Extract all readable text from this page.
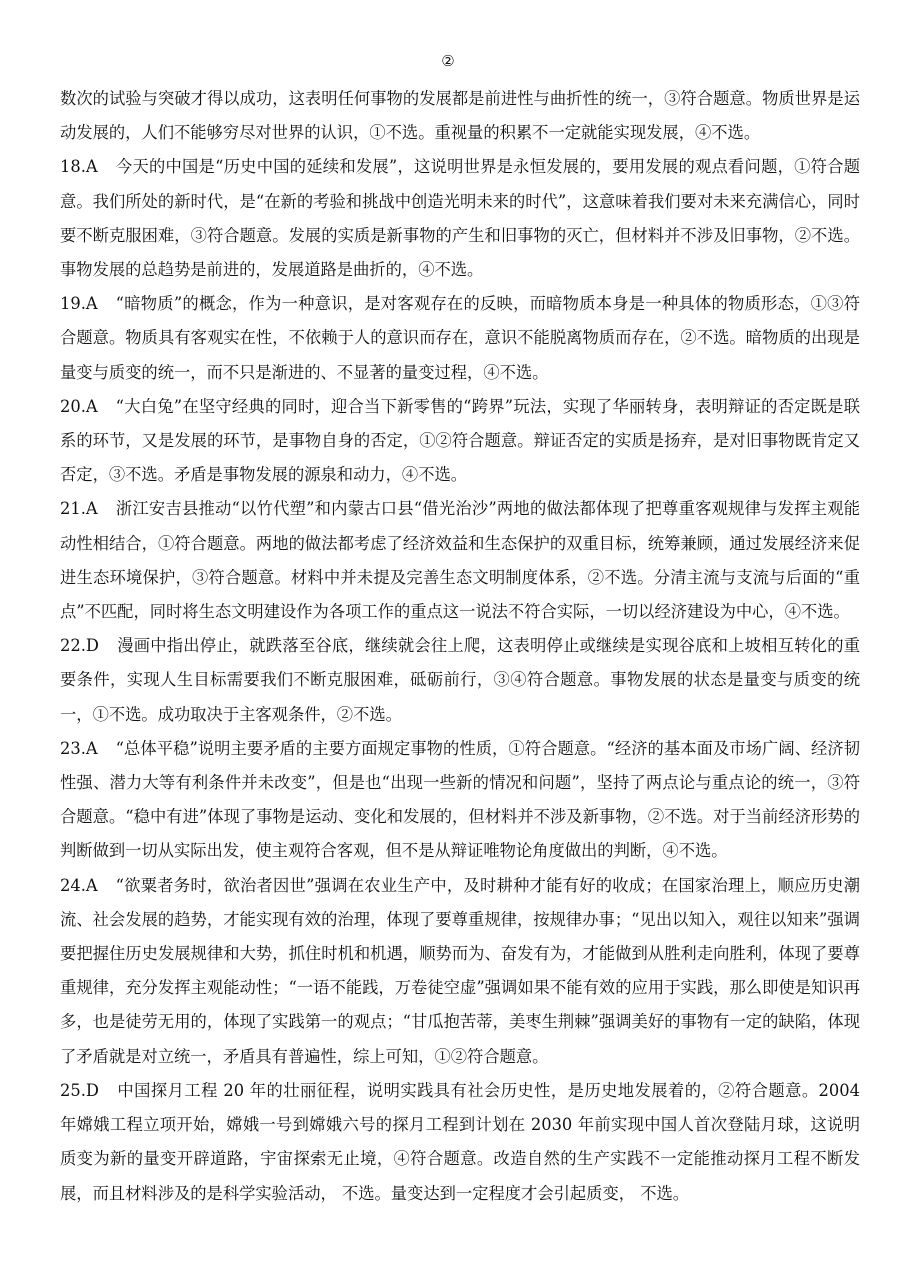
②

数次的试验与突破才得以成功，这表明任何事物的发展都是前进性与曲折性的统一，③符合题意。物质世界是运动发展的，人们不能够穷尽对世界的认识，①不选。重视量的积累不一定就能实现发展，④不选。

18.A 今天的中国是“历史中国的延续和发展”，这说明世界是永恒发展的，要用发展的观点看问题，①符合题意。我们所处的新时代，是“在新的考验和挑战中创造光明未来的时代”，这意味着我们要对未来充满信心，同时要不断克服困难，③符合题意。发展的实质是新事物的产生和旧事物的灭亡，但材料并不涉及旧事物，②不选。事物发展的总趋势是前进的，发展道路是曲折的，④不选。

19.A “暗物质”的概念，作为一种意识，是对客观存在的反映，而暗物质本身是一种具体的物质形态，①③符合题意。物质具有客观实在性，不依赖于人的意识而存在，意识不能脱离物质而存在，②不选。暗物质的出现是量变与质变的统一，而不只是渐进的、不显著的量变过程，④不选。

20.A “大白兔”在坚守经典的同时，迎合当下新零售的“跨界”玩法，实现了华丽转身，表明辩证的否定既是联系的环节，又是发展的环节，是事物自身的否定，①②符合题意。辩证否定的实质是扬弃，是对旧事物既肯定又否定，③不选。矛盾是事物发展的源泉和动力，④不选。

21.A 浙江安吉县推动“以竹代塑”和内蒙古口县“借光治沙”两地的做法都体现了把尊重客观规律与发挥主观能动性相结合，①符合题意。两地的做法都考虑了经济效益和生态保护的双重目标，统筹兼顾，通过发展经济来促进生态环境保护，③符合题意。材料中并未提及完善生态文明制度体系，②不选。分清主流与支流与后面的“重点”不匹配，同时将生态文明建设作为各项工作的重点这一说法不符合实际，一切以经济建设为中心，④不选。

22.D 漫画中指出停止，就跌落至谷底，继续就会往上爬，这表明停止或继续是实现谷底和上坡相互转化的重要条件，实现人生目标需要我们不断克服困难，砥砺前行，③④符合题意。事物发展的状态是量变与质变的统一，①不选。成功取决于主客观条件，②不选。

23.A “总体平稳”说明主要矛盾的主要方面规定事物的性质，①符合题意。“经济的基本面及市场广阔、经济韧性强、潜力大等有利条件并未改变”，但是也“出现一些新的情况和问题”，坚持了两点论与重点论的统一，③符合题意。“稳中有进”体现了事物是运动、变化和发展的，但材料并不涉及新事物，②不选。对于当前经济形势的判断做到一切从实际出发，使主观符合客观，但不是从辩证唯物论角度做出的判断，④不选。

24.A “欲粟者务时，欲治者因世”强调在农业生产中，及时耕种才能有好的收成；在国家治理上，顺应历史潮流、社会发展的趋势，才能实现有效的治理，体现了要尊重规律，按规律办事；“见出以知入，观往以知来”强调要把握住历史发展规律和大势，抓住时机和机遇，顺势而为、奋发有为，才能做到从胜利走向胜利，体现了要尊重规律，充分发挥主观能动性；“一语不能践，万卷徒空虚”强调如果不能有效的应用于实践，那么即使是知识再多，也是徒劳无用的，体现了实践第一的观点；“甘瓜抱苦蒂，美枣生荆棘”强调美好的事物有一定的缺陷，体现了矛盾就是对立统一，矛盾具有普遍性，综上可知，①②符合题意。

25.D 中国探月工程 20 年的壮丽征程，说明实践具有社会历史性，是历史地发展着的，②符合题意。2004 年嫦娥工程立项开始，嫦娥一号到嫦娥六号的探月工程到计划在 2030 年前实现中国人首次登陆月球，这说明质变为新的量变开辟道路，宇宙探索无止境，④符合题意。改造自然的生产实践不一定能推动探月工程不断发展，而且材料涉及的是科学实验活动， 不选。量变达到一定程度才会引起质变， 不选。
